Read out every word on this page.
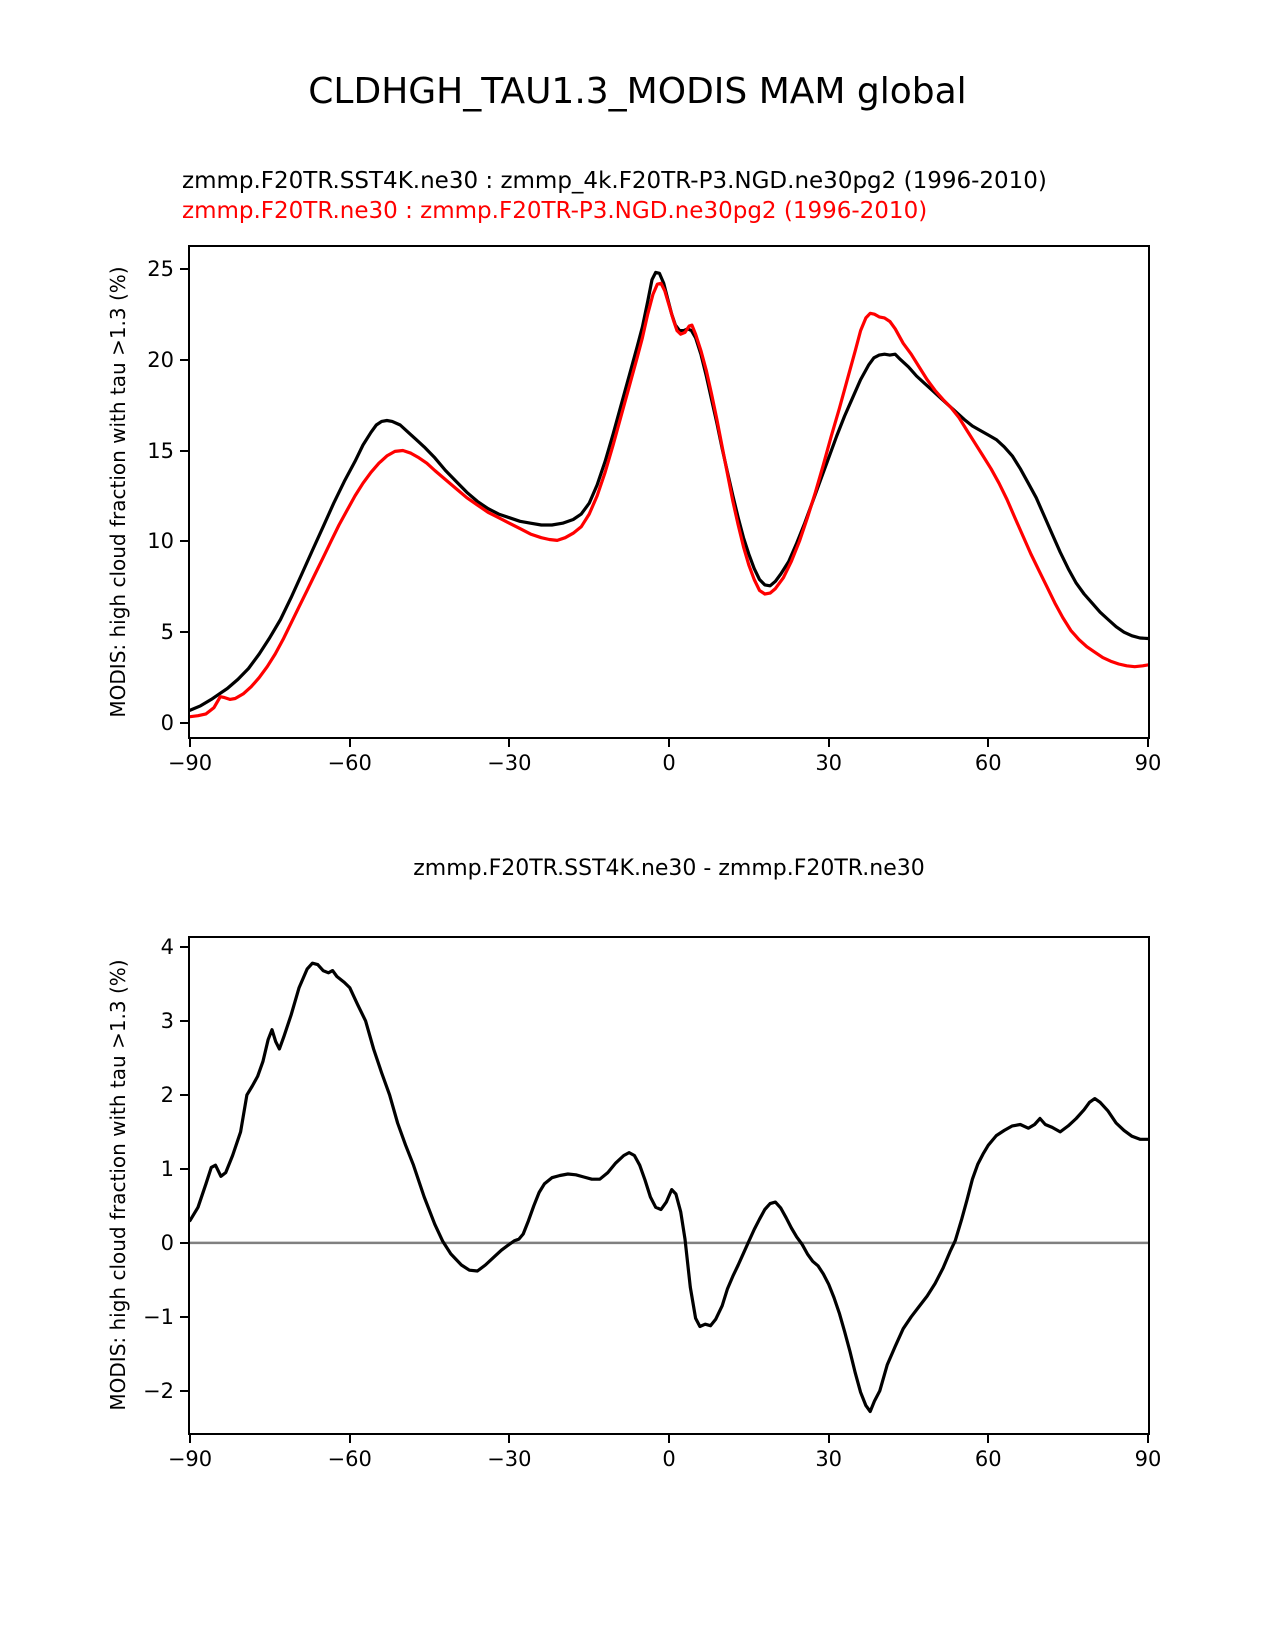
CLDHGH_TAU1.3_MODIS MAM global
zmmp.F20TR.SST4K.ne30 : zmmp_4k.F20TR-P3.NGD.ne30pg2 (1996-2010)
zmmp.F20TR.ne30 : zmmp.F20TR-P3.NGD.ne30pg2 (1996-2010)
MODIS: high cloud fraction with tau >1.3 (%)
zmmp.F20TR.SST4K.ne30 - zmmp.F20TR.ne30
MODIS: high cloud fraction with tau >1.3 (%)
−90	−60	−30	0	30	60	90
0
5
10
15
20
25
−90	−60	−30	0	30	60	90
−2
−1
0
1
2
3
4
